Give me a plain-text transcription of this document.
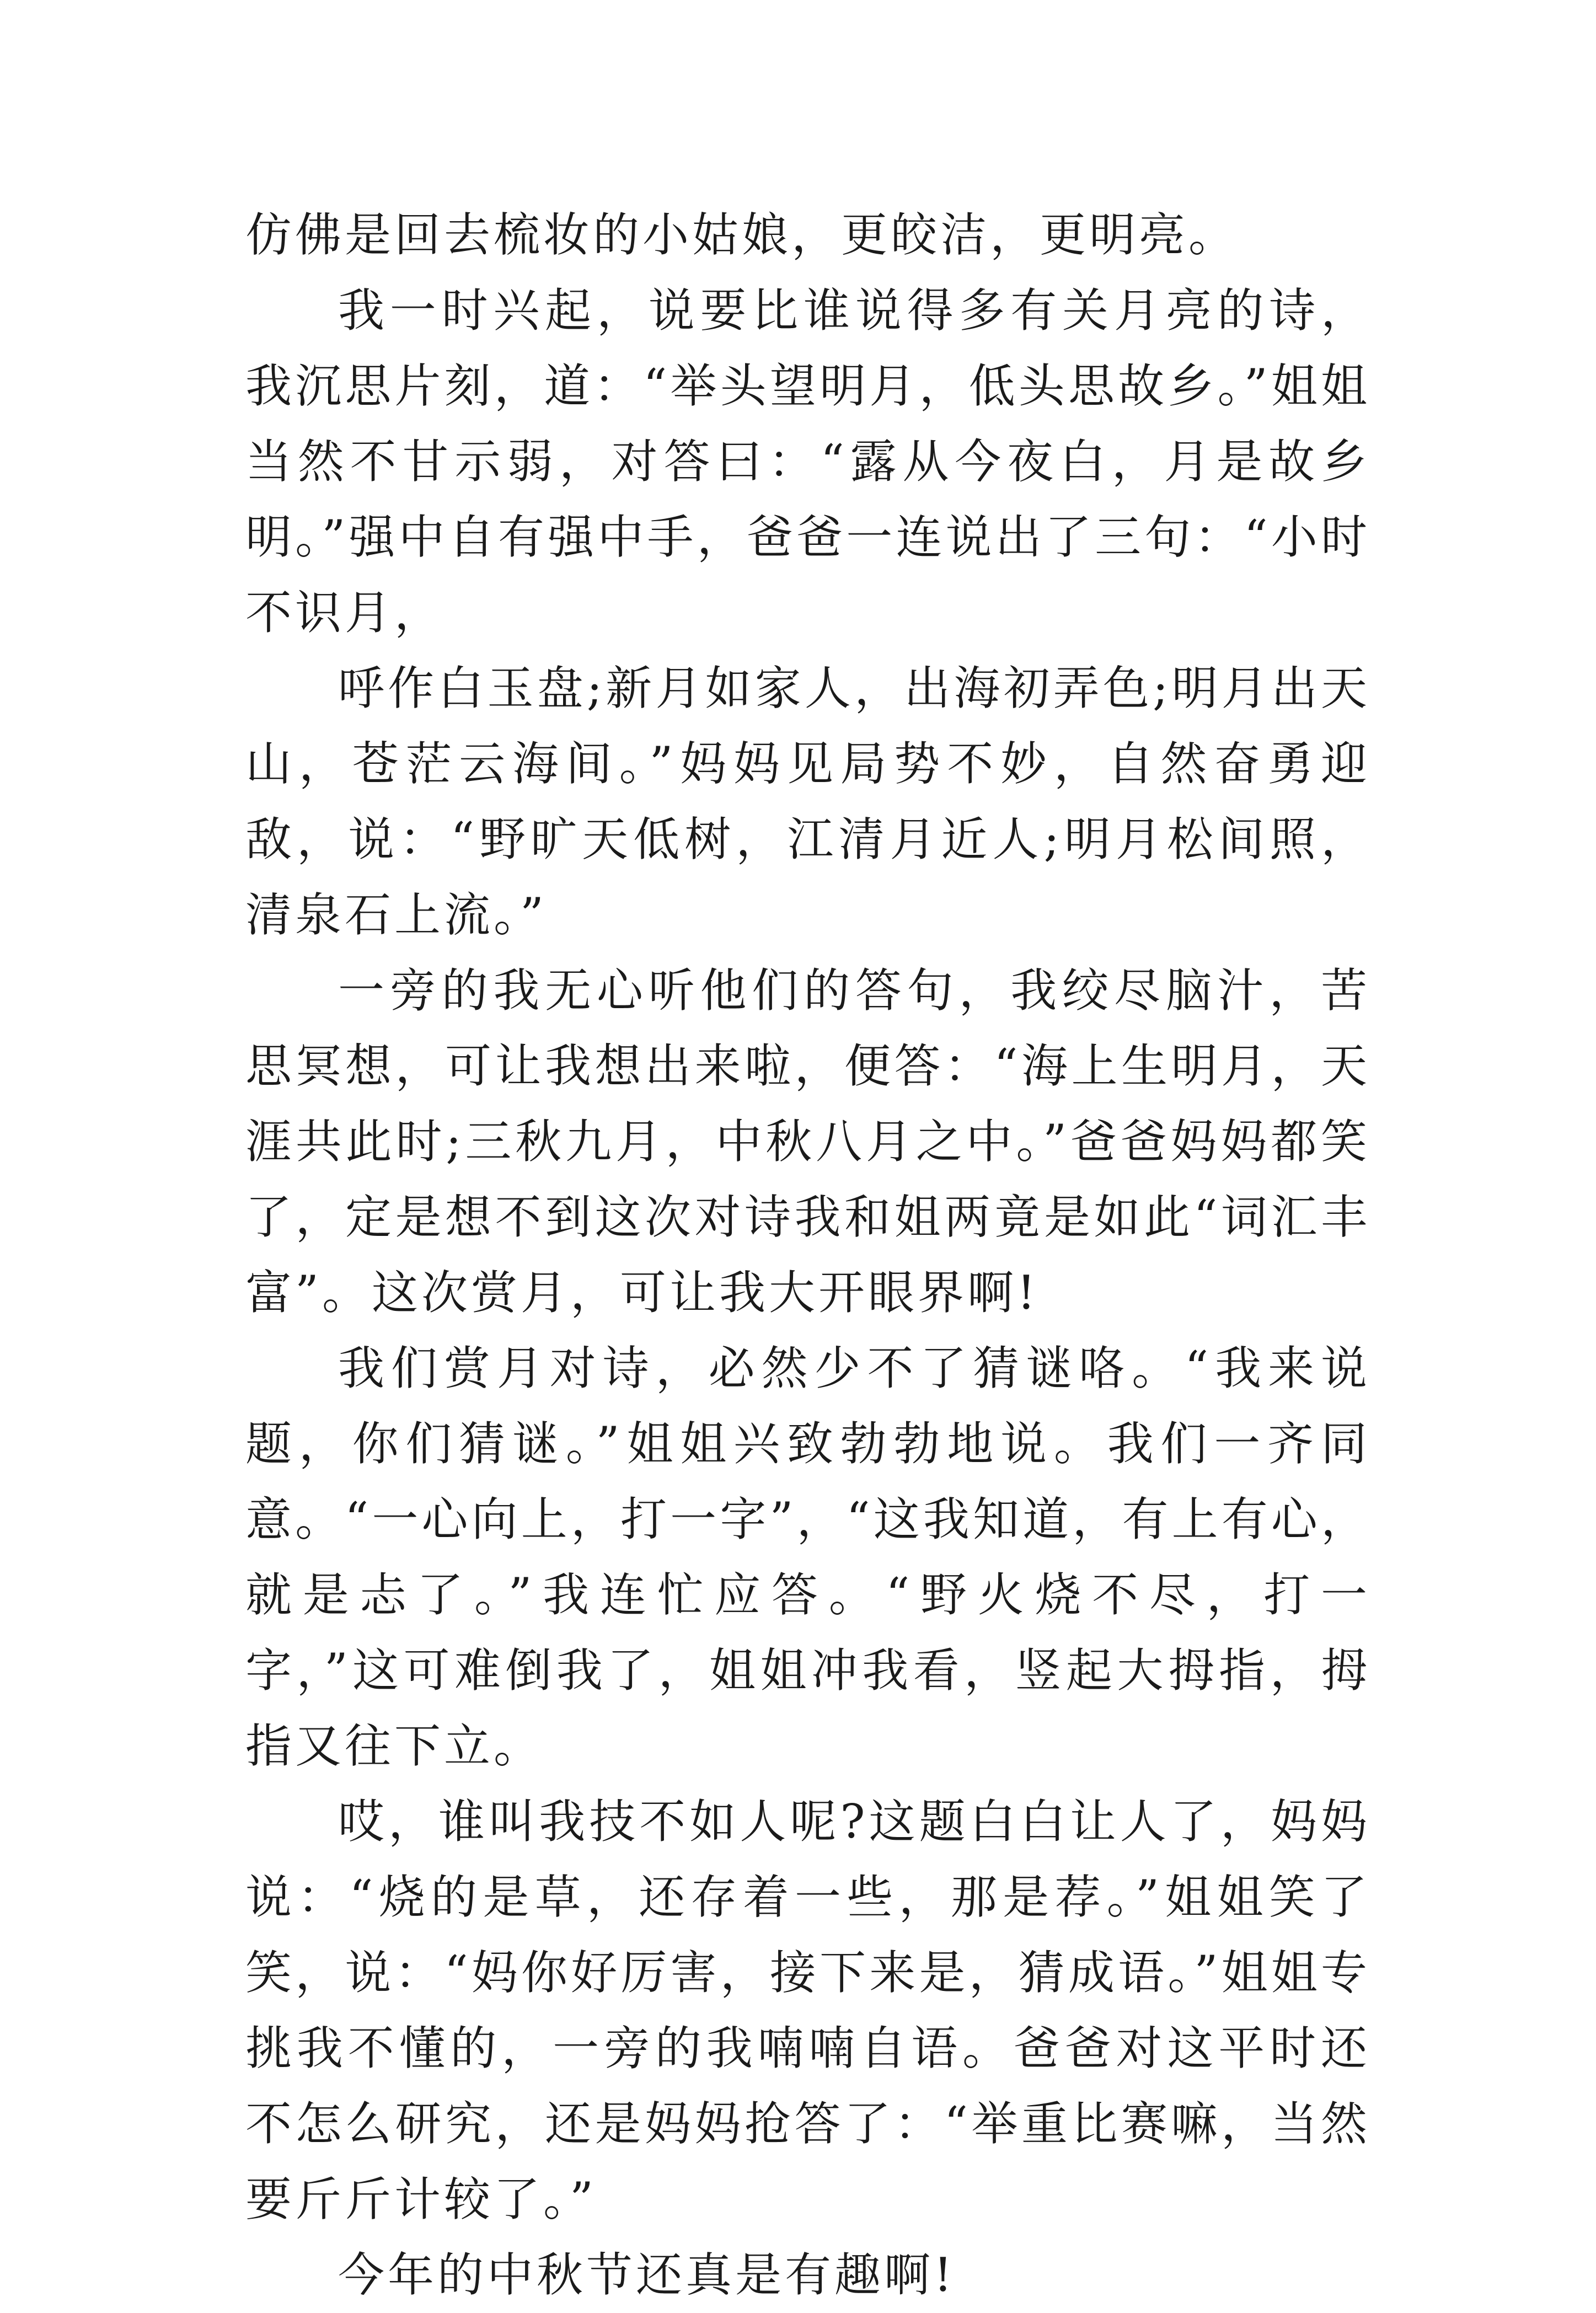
仿佛是回去梳妆的小姑娘，更皎洁，更明亮。

我一时兴起，说要比谁说得多有关月亮的诗，我沉思片刻，道：“举头望明月，低头思故乡。”姐姐当然不甘示弱，对答曰：“露从今夜白，月是故乡明。”强中自有强中手，爸爸一连说出了三句：“小时不识月，

呼作白玉盘;新月如家人，出海初弄色;明月出天山，苍茫云海间。”妈妈见局势不妙，自然奋勇迎敌，说：“野旷天低树，江清月近人;明月松间照，清泉石上流。”

一旁的我无心听他们的答句，我绞尽脑汁，苦思冥想，可让我想出来啦，便答：“海上生明月，天涯共此时;三秋九月，中秋八月之中。”爸爸妈妈都笑了，定是想不到这次对诗我和姐两竟是如此“词汇丰富”。这次赏月，可让我大开眼界啊!

我们赏月对诗，必然少不了猜谜咯。“我来说题，你们猜谜。”姐姐兴致勃勃地说。我们一齐同意。“一心向上，打一字”，“这我知道，有上有心，就是忐了。”我连忙应答。“野火烧不尽，打一字，”这可难倒我了，姐姐冲我看，竖起大拇指，拇指又往下立。

哎，谁叫我技不如人呢?这题白白让人了，妈妈说：“烧的是草，还存着一些，那是荐。”姐姐笑了笑，说：“妈你好厉害，接下来是，猜成语。”姐姐专挑我不懂的，一旁的我喃喃自语。爸爸对这平时还不怎么研究，还是妈妈抢答了：“举重比赛嘛，当然要斤斤计较了。”

今年的中秋节还真是有趣啊!
